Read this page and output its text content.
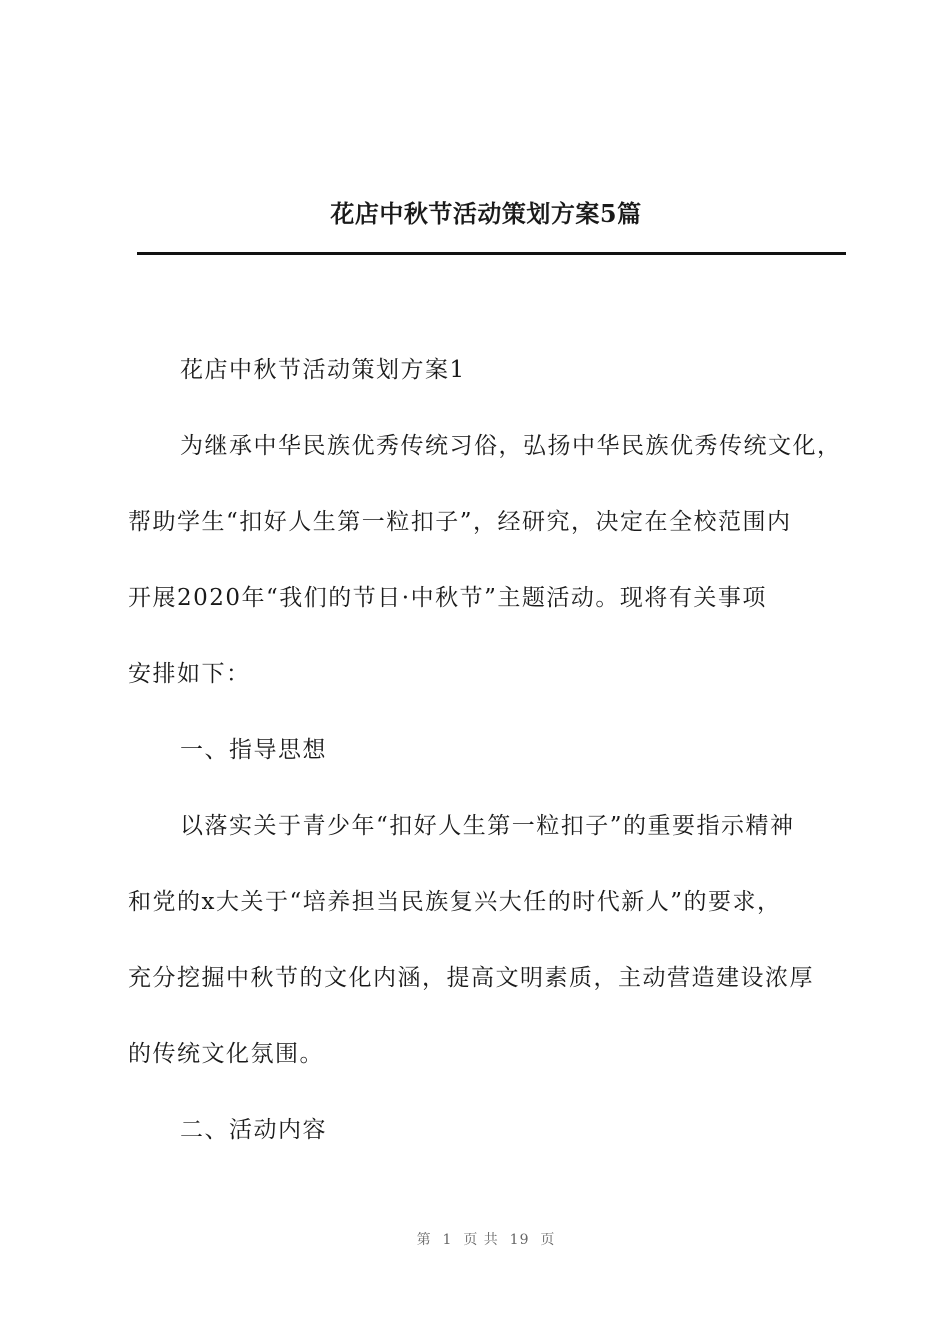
花店中秋节活动策划方案5篇

花店中秋节活动策划方案1

为继承中华民族优秀传统习俗，弘扬中华民族优秀传统文化，

帮助学生“扣好人生第一粒扣子”，经研究，决定在全校范围内

开展2020年“我们的节日·中秋节”主题活动。现将有关事项

安排如下：

一、指导思想

以落实关于青少年“扣好人生第一粒扣子”的重要指示精神

和党的x大关于“培养担当民族复兴大任的时代新人”的要求，

充分挖掘中秋节的文化内涵，提高文明素质，主动营造建设浓厚

的传统文化氛围。

二、活动内容

第  1  页 共  19  页
